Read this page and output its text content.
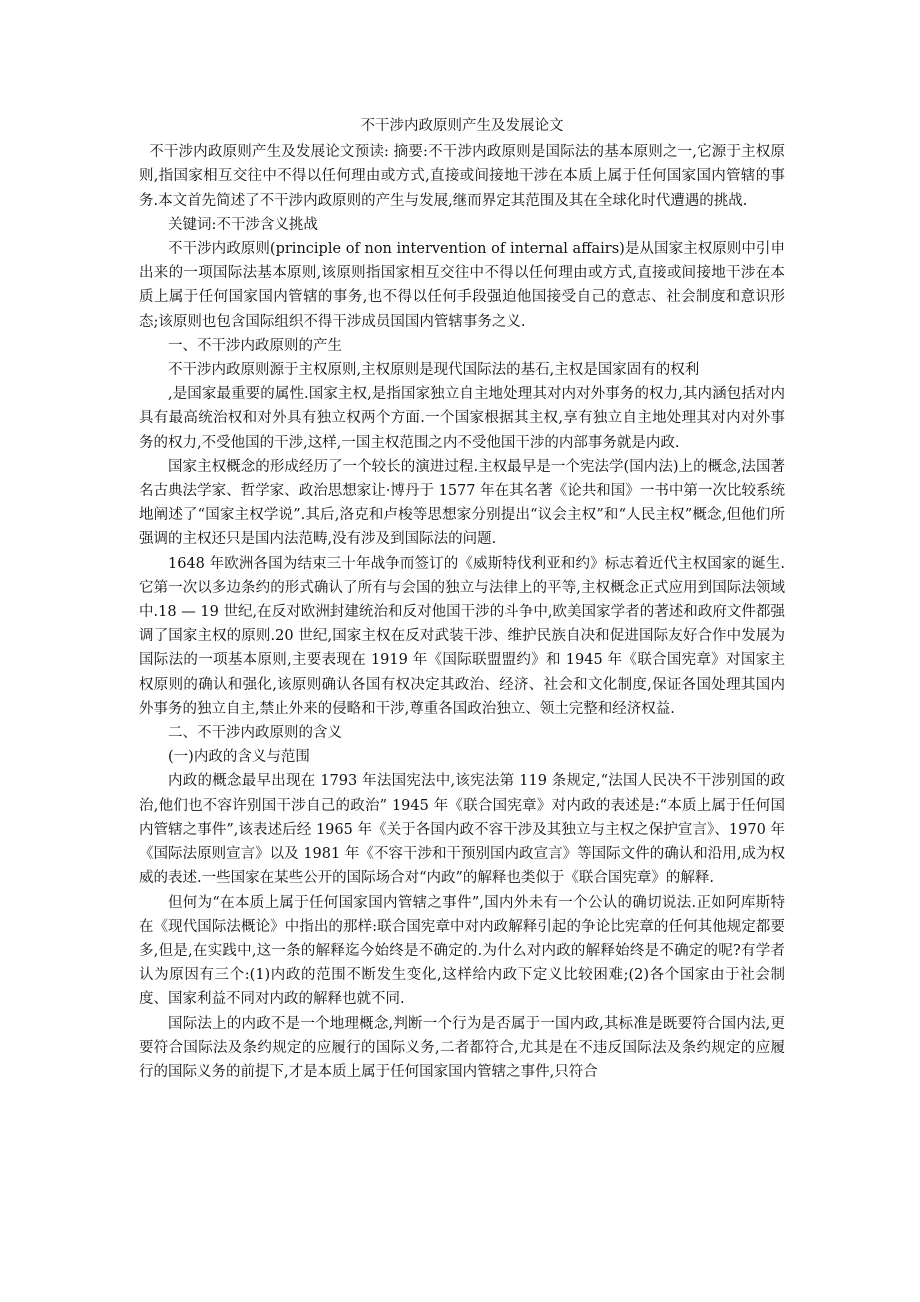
不干涉内政原则产生及发展论文

不干涉内政原则产生及发展论文预读: 摘要:不干涉内政原则是国际法的基本原则之一,它源于主权原则,指国家相互交往中不得以任何理由或方式,直接或间接地干涉在本质上属于任何国家国内管辖的事务.本文首先简述了不干涉内政原则的产生与发展,继而界定其范围及其在全球化时代遭遇的挑战.

关键词:不干涉含义挑战

不干涉内政原则(principle of non intervention of internal affairs)是从国家主权原则中引申出来的一项国际法基本原则,该原则指国家相互交往中不得以任何理由或方式,直接或间接地干涉在本质上属于任何国家国内管辖的事务,也不得以任何手段强迫他国接受自己的意志、社会制度和意识形态;该原则也包含国际组织不得干涉成员国国内管辖事务之义.

一、不干涉内政原则的产生

不干涉内政原则源于主权原则,主权原则是现代国际法的基石,主权是国家固有的权利

,是国家最重要的属性.国家主权,是指国家独立自主地处理其对内对外事务的权力,其内涵包括对内具有最高统治权和对外具有独立权两个方面.一个国家根据其主权,享有独立自主地处理其对内对外事务的权力,不受他国的干涉,这样,一国主权范围之内不受他国干涉的内部事务就是内政.

国家主权概念的形成经历了一个较长的演进过程.主权最早是一个宪法学(国内法)上的概念,法国著名古典法学家、哲学家、政治思想家让·博丹于 1577 年在其名著《论共和国》一书中第一次比较系统地阐述了“国家主权学说”.其后,洛克和卢梭等思想家分别提出“议会主权”和“人民主权”概念,但他们所强调的主权还只是国内法范畴,没有涉及到国际法的问题.

1648 年欧洲各国为结束三十年战争而签订的《威斯特伐利亚和约》标志着近代主权国家的诞生.它第一次以多边条约的形式确认了所有与会国的独立与法律上的平等,主权概念正式应用到国际法领域中.18 — 19 世纪,在反对欧洲封建统治和反对他国干涉的斗争中,欧美国家学者的著述和政府文件都强调了国家主权的原则.20 世纪,国家主权在反对武装干涉、维护民族自决和促进国际友好合作中发展为国际法的一项基本原则,主要表现在 1919 年《国际联盟盟约》和 1945 年《联合国宪章》对国家主权原则的确认和强化,该原则确认各国有权决定其政治、经济、社会和文化制度,保证各国处理其国内外事务的独立自主,禁止外来的侵略和干涉,尊重各国政治独立、领土完整和经济权益.

二、不干涉内政原则的含义

(一)内政的含义与范围

内政的概念最早出现在 1793 年法国宪法中,该宪法第 119 条规定,“法国人民决不干涉别国的政治,他们也不容许别国干涉自己的政治” 1945 年《联合国宪章》对内政的表述是:“本质上属于任何国内管辖之事件”,该表述后经 1965 年《关于各国内政不容干涉及其独立与主权之保护宣言》、1970 年《国际法原则宣言》以及 1981 年《不容干涉和干预别国内政宣言》等国际文件的确认和沿用,成为权威的表述.一些国家在某些公开的国际场合对“内政”的解释也类似于《联合国宪章》的解释.

但何为“在本质上属于任何国家国内管辖之事件”,国内外未有一个公认的确切说法.正如阿库斯特在《现代国际法概论》中指出的那样:联合国宪章中对内政解释引起的争论比宪章的任何其他规定都要多,但是,在实践中,这一条的解释迄今始终是不确定的.为什么对内政的解释始终是不确定的呢?有学者认为原因有三个:(1)内政的范围不断发生变化,这样给内政下定义比较困难;(2)各个国家由于社会制度、国家利益不同对内政的解释也就不同.

国际法上的内政不是一个地理概念,判断一个行为是否属于一国内政,其标准是既要符合国内法,更要符合国际法及条约规定的应履行的国际义务,二者都符合,尤其是在不违反国际法及条约规定的应履行的国际义务的前提下,才是本质上属于任何国家国内管辖之事件,只符合
